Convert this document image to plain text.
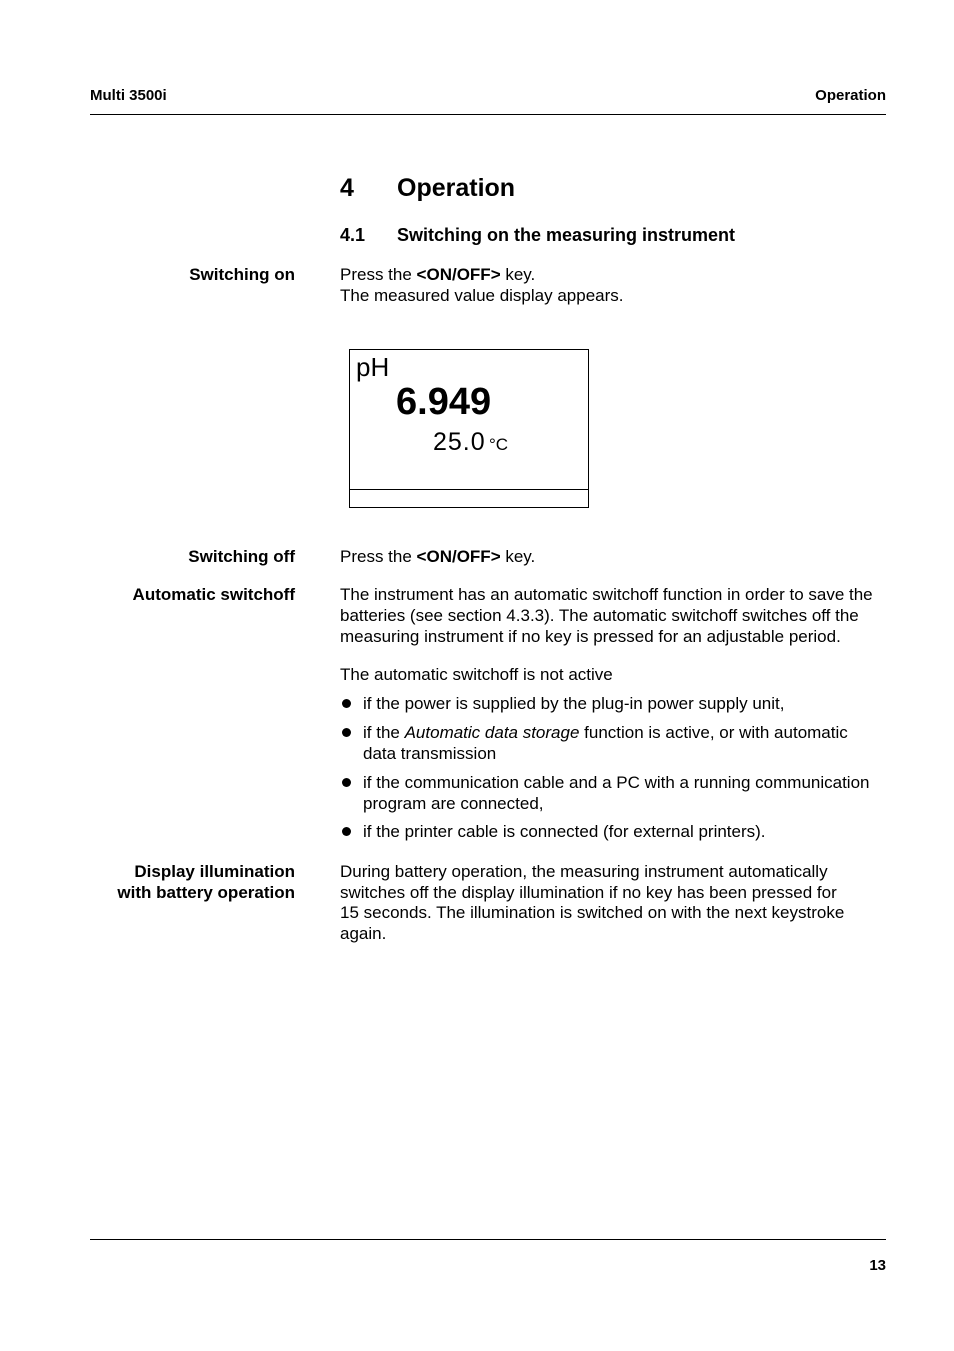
Multi 3500i	Operation
4 Operation
4.1 Switching on the measuring instrument
Switching on	Press the <ON/OFF> key.
The measured value display appears.
pH
6.949
25.0 °C
Switching off	Press the <ON/OFF> key.
Automatic switchoff	The instrument has an automatic switchoff function in order to save the
batteries (see section 4.3.3). The automatic switchoff switches off the
measuring instrument if no key is pressed for an adjustable period.
The automatic switchoff is not active
if the power is supplied by the plug-in power supply unit,
if the Automatic data storage function is active, or with automatic
data transmission
if the communication cable and a PC with a running communication
program are connected,
if the printer cable is connected (for external printers).
Display illumination
with battery operation
During battery operation, the measuring instrument automatically
switches off the display illumination if no key has been pressed for
15 seconds. The illumination is switched on with the next keystroke
again.
13
